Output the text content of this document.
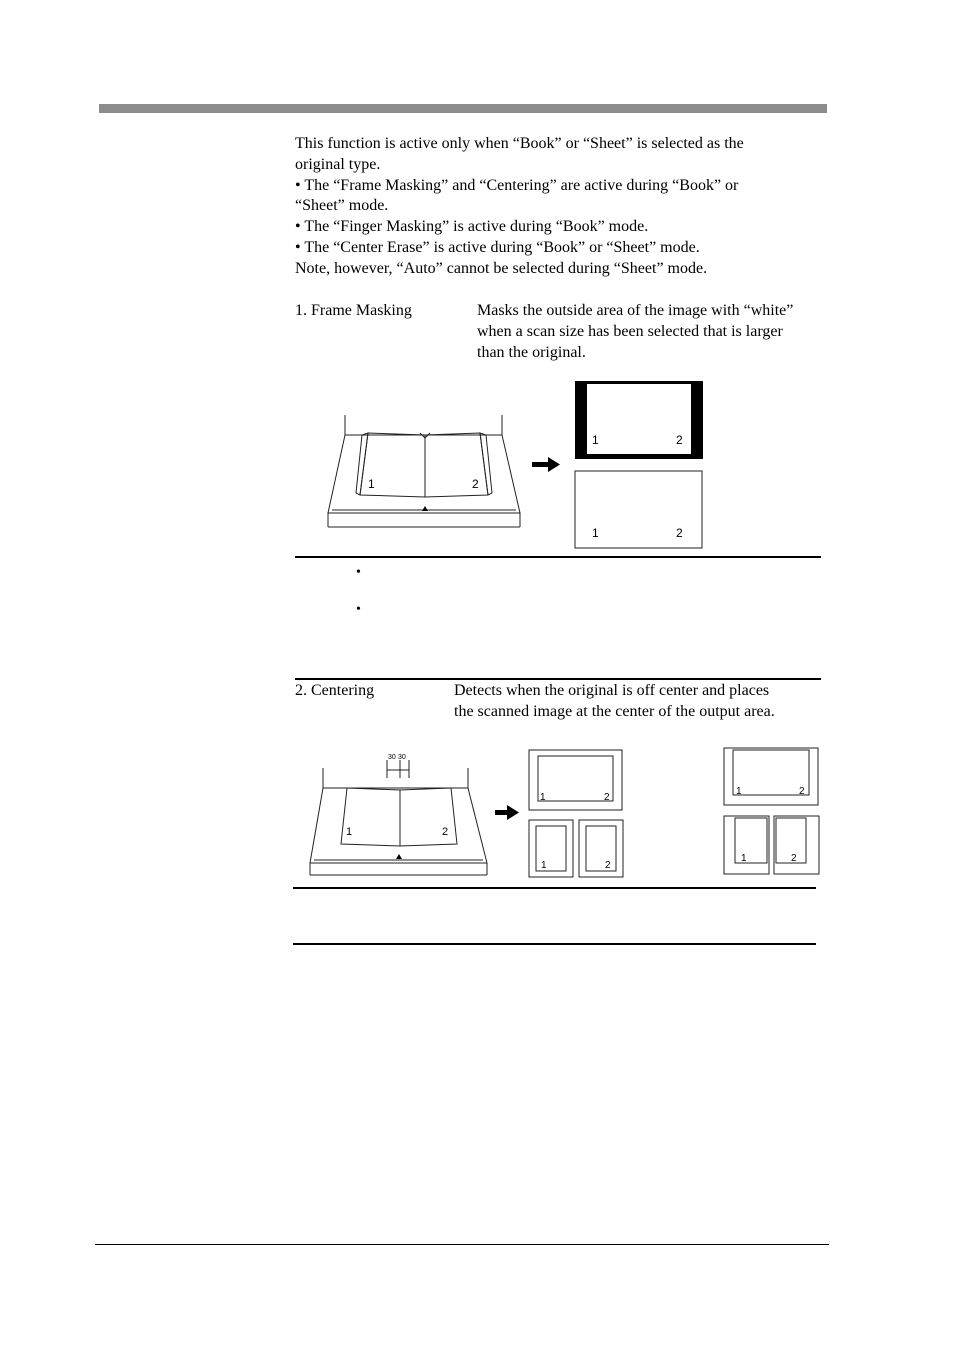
This function is active only when “Book” or “Sheet” is selected as the
original type.
• The “Frame Masking” and “Centering” are active during “Book” or
“Sheet” mode.
• The “Finger Masking” is active during “Book” mode.
• The “Center Erase” is active during “Book” or “Sheet” mode.
Note, however, “Auto” cannot be selected during “Sheet” mode.
1. Frame Masking	Masks the outside area of the image with “white”
when a scan size has been selected that is larger
than the original.
1	2
1	2
1	2
•
•
2. Centering	Detects when the original is off center and places
the scanned image at the center of the output area.
30 30
1	2
1	2
1	2
1	2
1	2
